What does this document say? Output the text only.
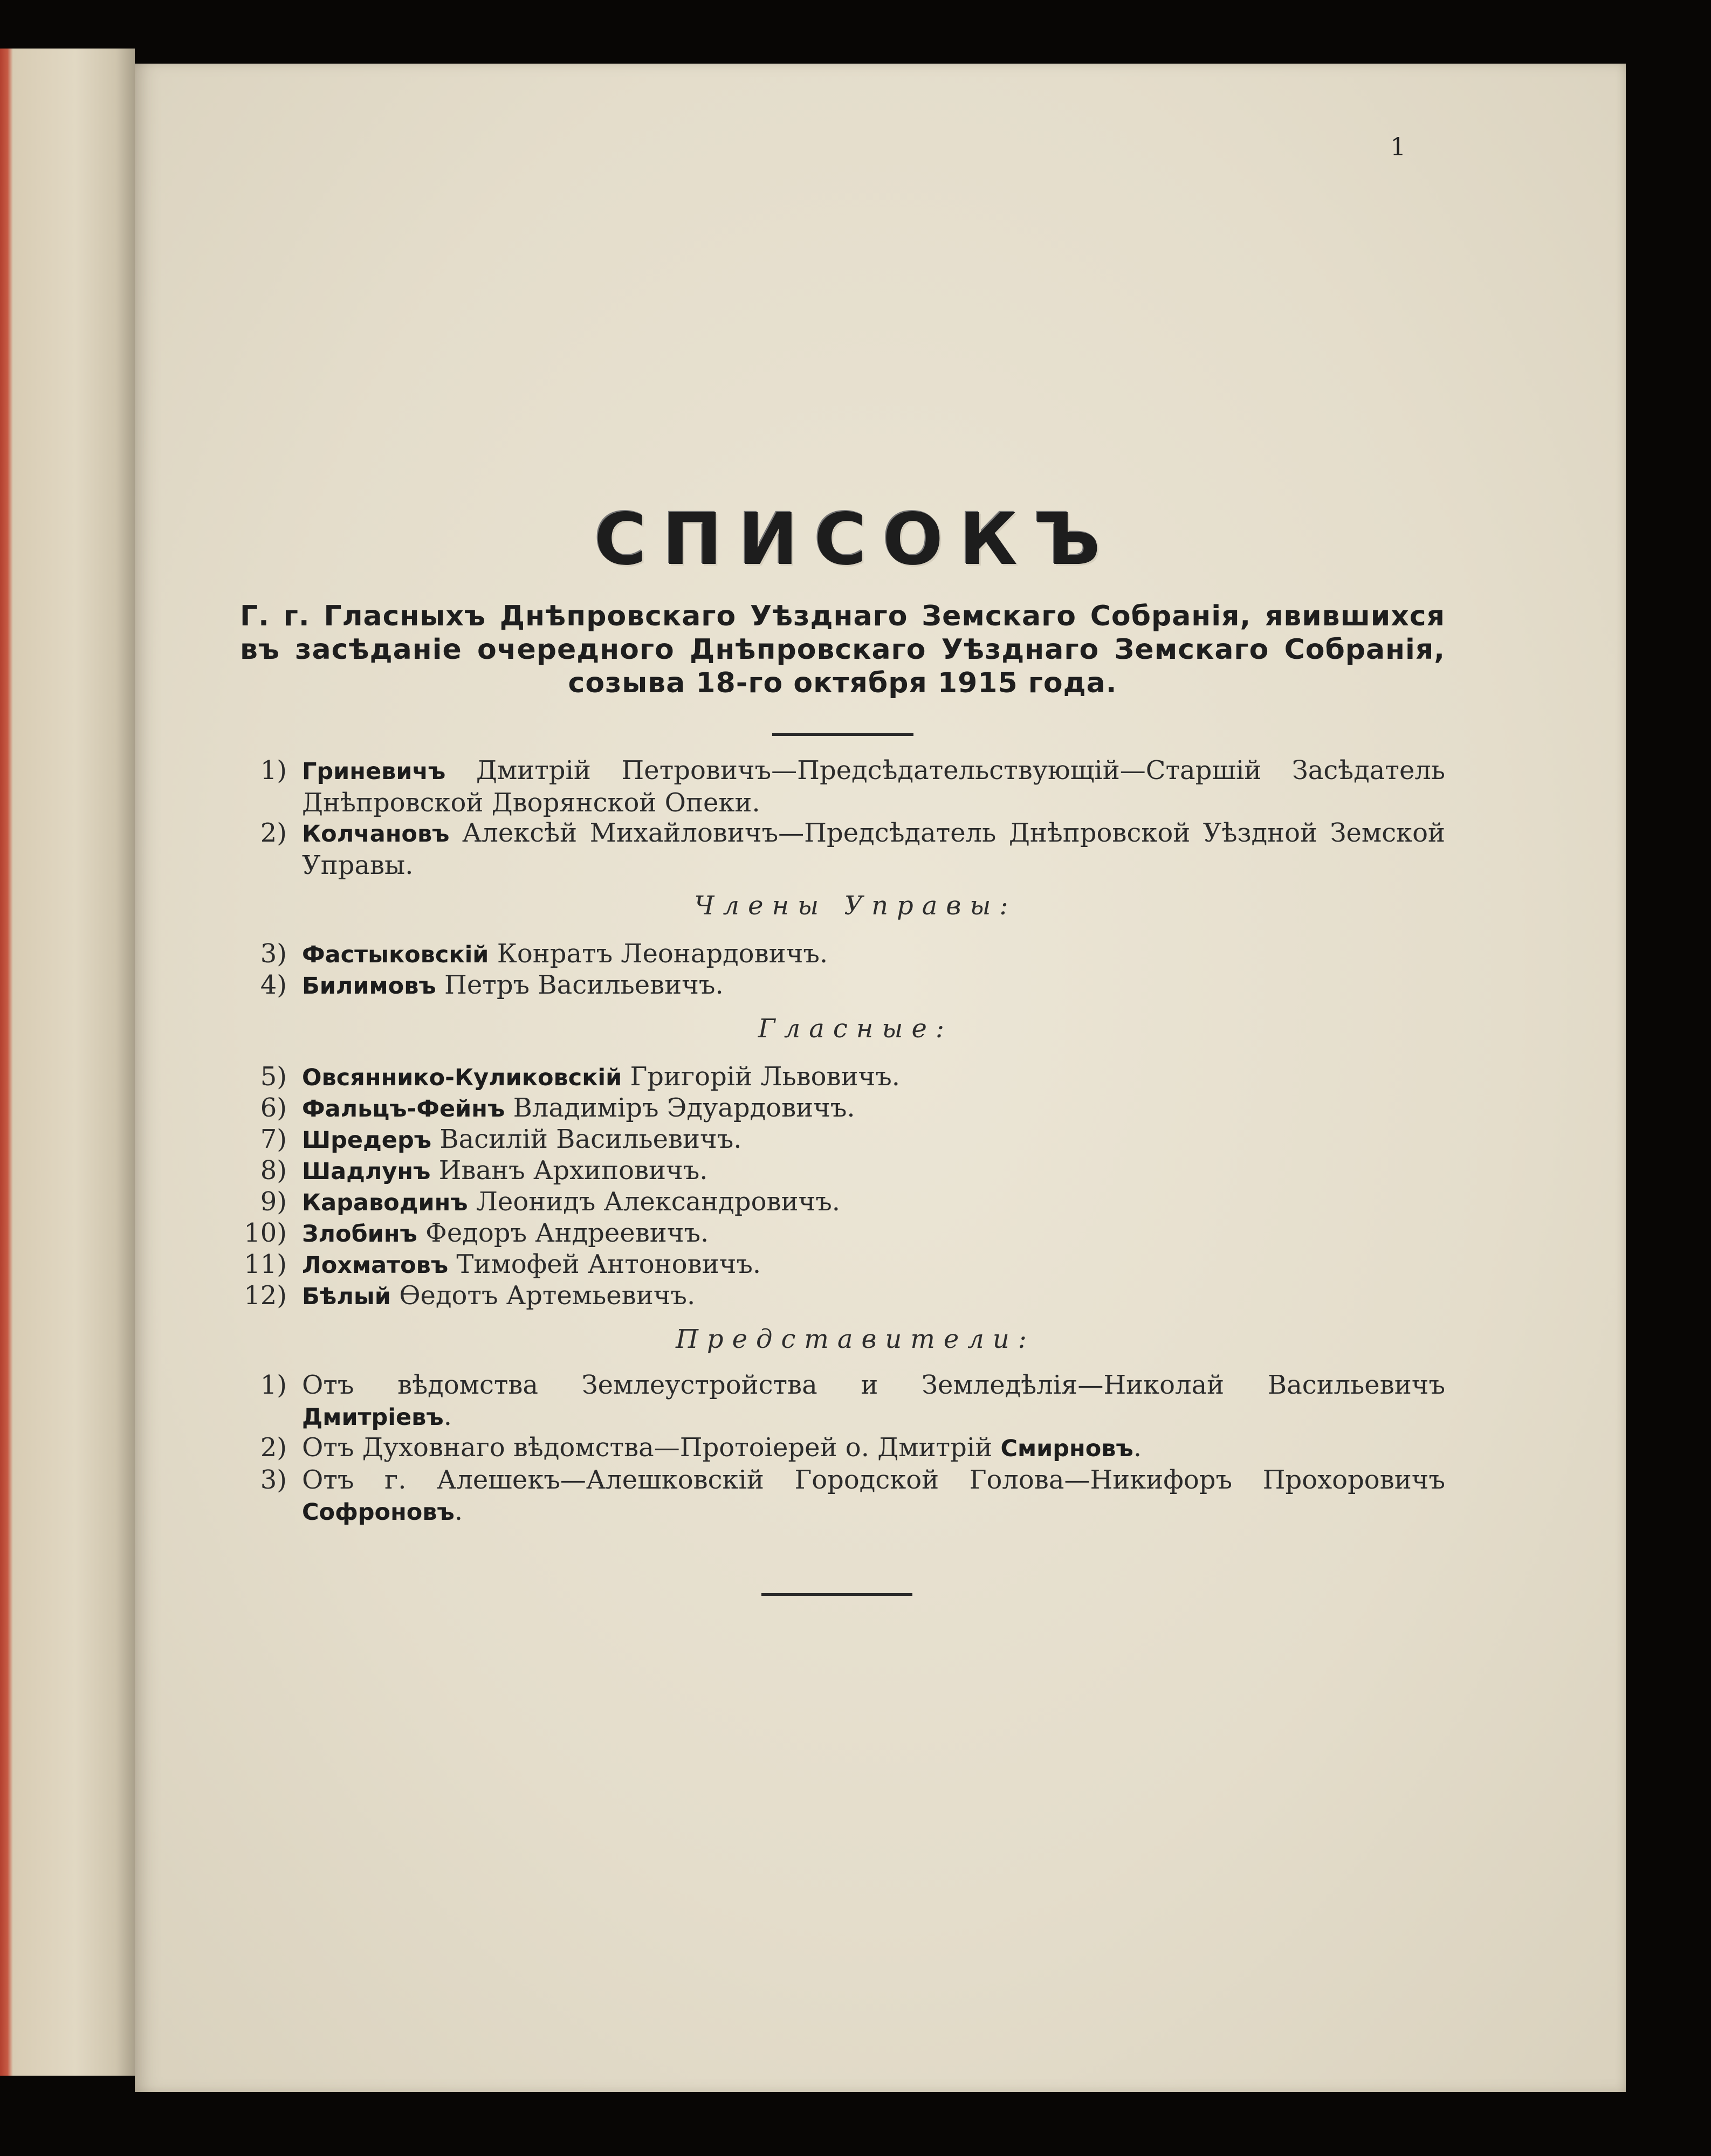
1
СПИСОКЪ
Г. г. Гласныхъ Днѣпровскаго Уѣзднаго Земскаго Собранія, явившихся въ засѣданіе очередного Днѣпровскаго Уѣзднаго Земскаго Собранія, созыва 18-го октября 1915 года.
1) Гриневичъ Дмитрій Петровичъ—Предсѣдательствующій—Старшій Засѣдатель Днѣпровской Дворянской Опеки.
2) Колчановъ Алексѣй Михайловичъ—Предсѣдатель Днѣпровской Уѣздной Земской Управы.
Члены Управы:
3) Фастыковскій Конратъ Леонардовичъ.
4) Билимовъ Петръ Васильевичъ.
Гласные:
5) Овсяннико-Куликовскій Григорій Львовичъ.
6) Фальцъ-Фейнъ Владиміръ Эдуардовичъ.
7) Шредеръ Василій Васильевичъ.
8) Шадлунъ Иванъ Архиповичъ.
9) Караводинъ Леонидъ Александровичъ.
10) Злобинъ Федоръ Андреевичъ.
11) Лохматовъ Тимофей Антоновичъ.
12) Бѣлый Ѳедотъ Артемьевичъ.
Представители:
1) Отъ вѣдомства Землеустройства и Земледѣлія—Николай Васильевичъ
Дмитріевъ.
2) Отъ Духовнаго вѣдомства—Протоіерей о. Дмитрій Смирновъ.
3) Отъ г. Алешекъ—Алешковскій Городской Голова—Никифоръ Прохоровичъ Софроновъ.
